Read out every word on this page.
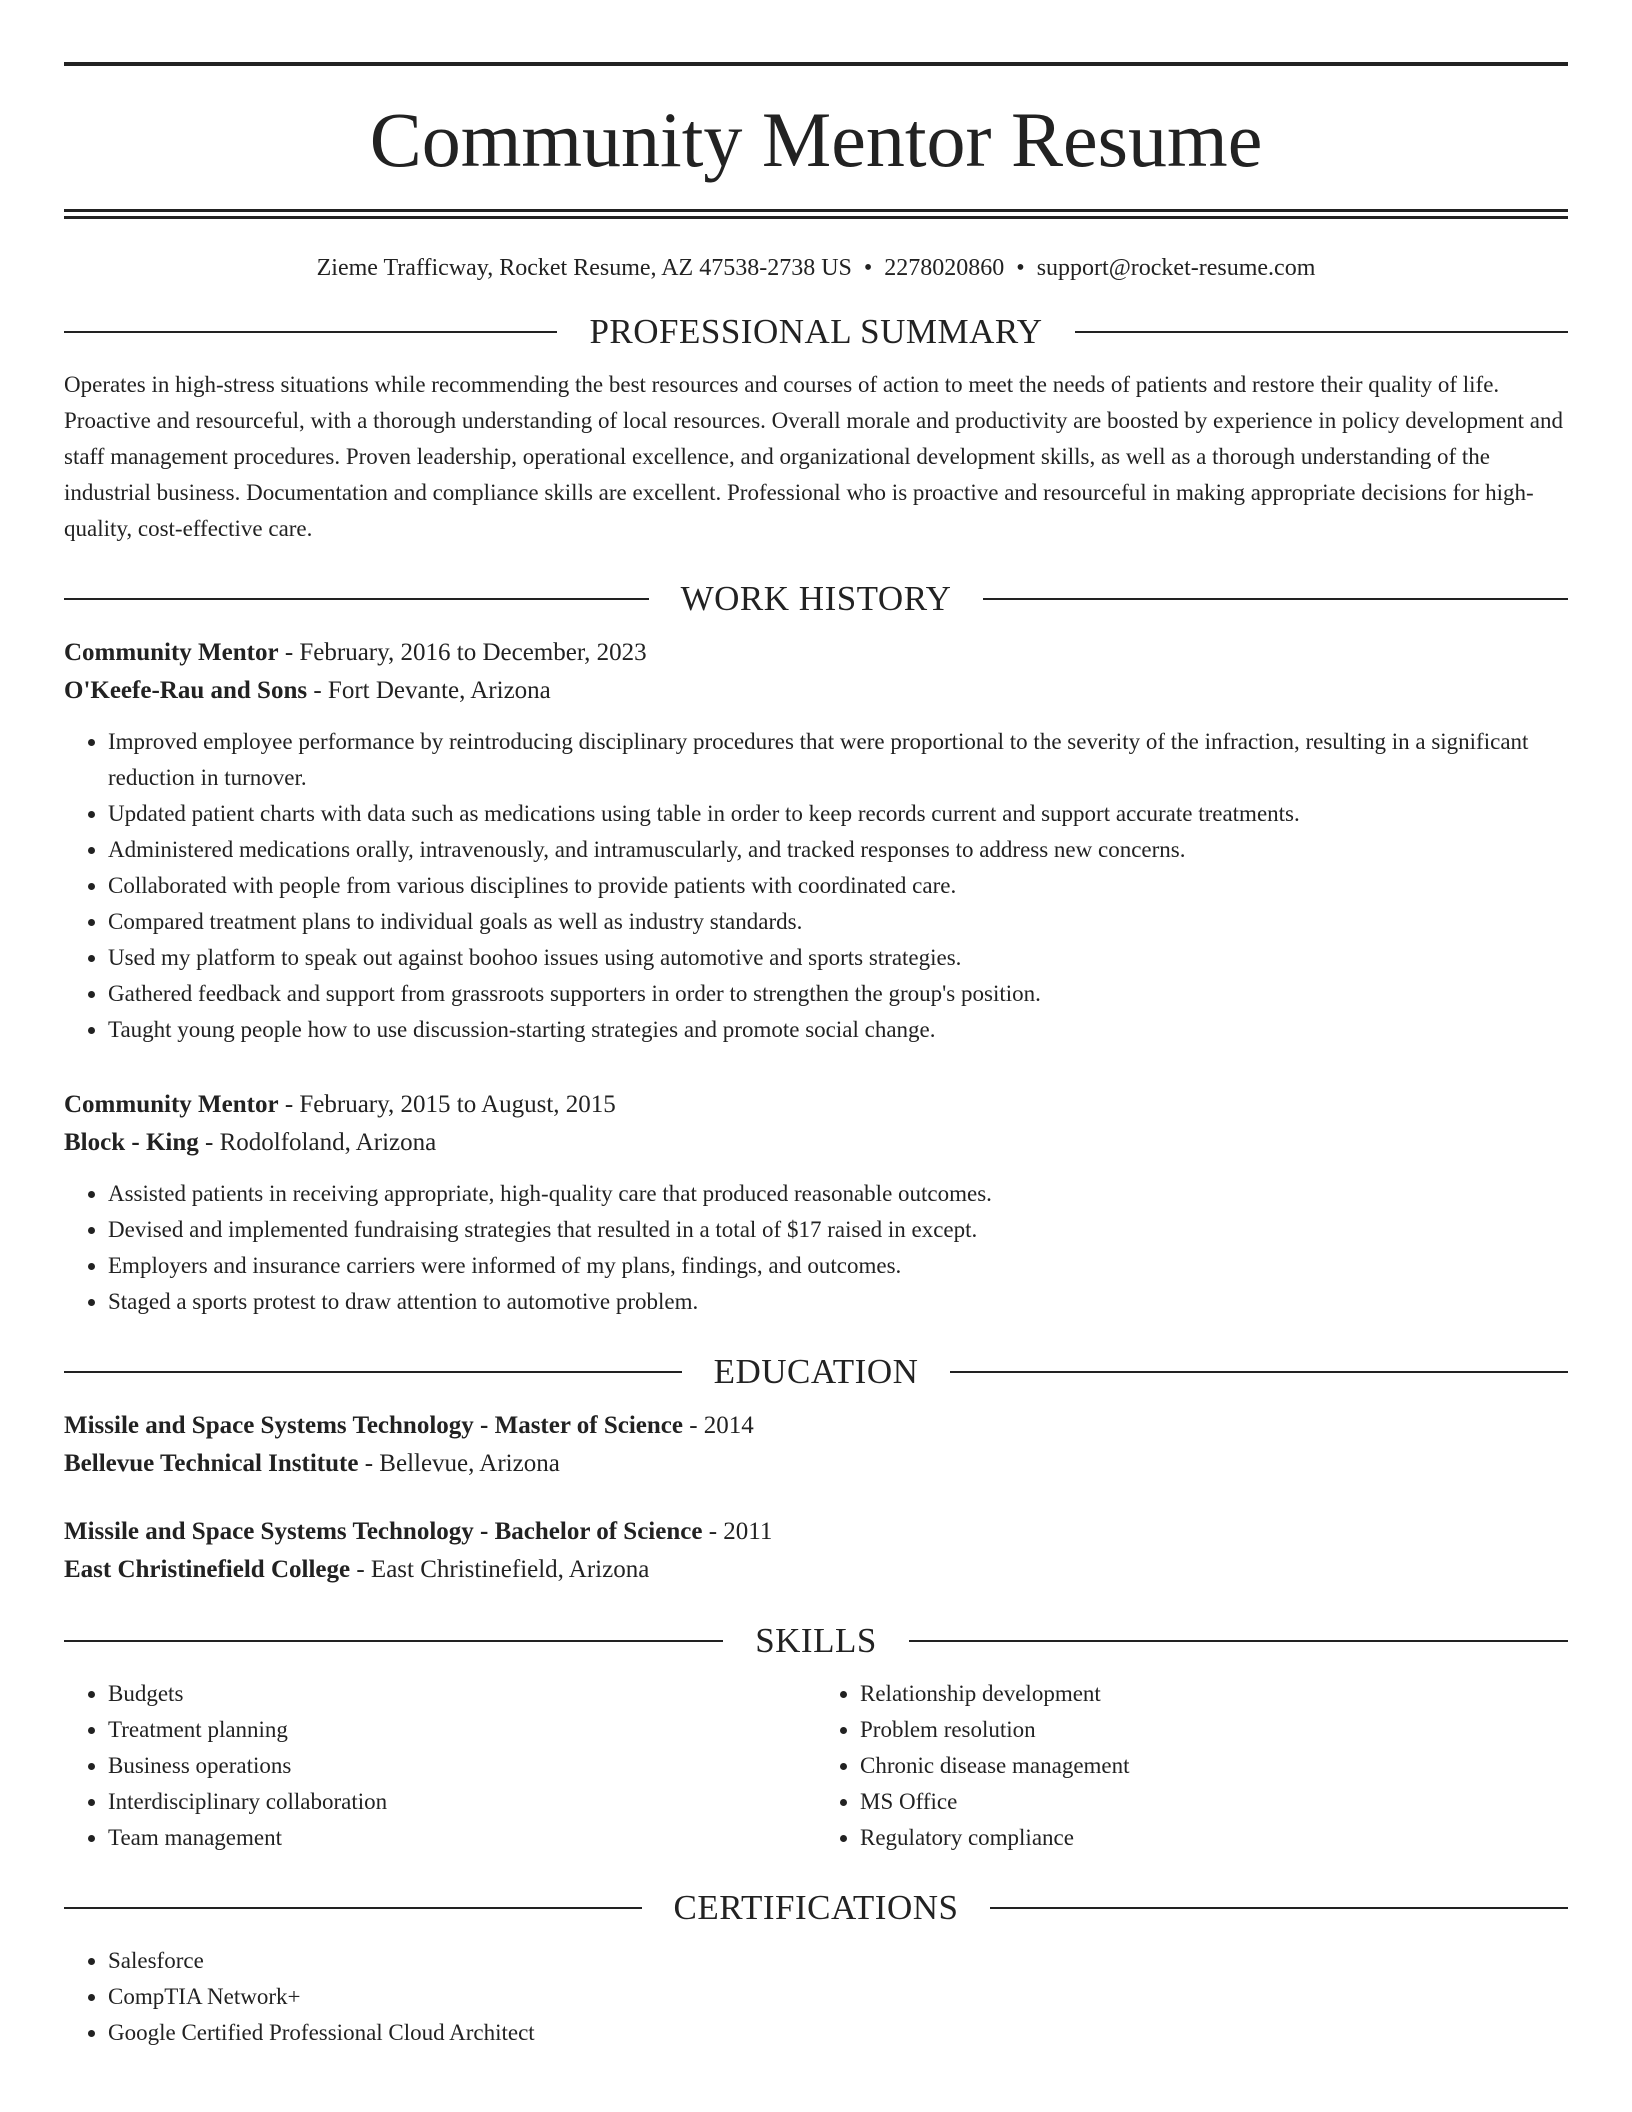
Community Mentor Resume

Zieme Trafficway, Rocket Resume, AZ 47538-2738 US • 2278020860 • support@rocket-resume.com

PROFESSIONAL SUMMARY

Operates in high-stress situations while recommending the best resources and courses of action to meet the needs of patients and restore their quality of life. Proactive and resourceful, with a thorough understanding of local resources. Overall morale and productivity are boosted by experience in policy development and staff management procedures. Proven leadership, operational excellence, and organizational development skills, as well as a thorough understanding of the industrial business. Documentation and compliance skills are excellent. Professional who is proactive and resourceful in making appropriate decisions for high-quality, cost-effective care.

WORK HISTORY

Community Mentor - February, 2016 to December, 2023

O'Keefe-Rau and Sons - Fort Devante, Arizona

• Improved employee performance by reintroducing disciplinary procedures that were proportional to the severity of the infraction, resulting in a significant reduction in turnover.
• Updated patient charts with data such as medications using table in order to keep records current and support accurate treatments.
• Administered medications orally, intravenously, and intramuscularly, and tracked responses to address new concerns.
• Collaborated with people from various disciplines to provide patients with coordinated care.
• Compared treatment plans to individual goals as well as industry standards.
• Used my platform to speak out against boohoo issues using automotive and sports strategies.
• Gathered feedback and support from grassroots supporters in order to strengthen the group's position.
• Taught young people how to use discussion-starting strategies and promote social change.

Community Mentor - February, 2015 to August, 2015

Block - King - Rodolfoland, Arizona

• Assisted patients in receiving appropriate, high-quality care that produced reasonable outcomes.
• Devised and implemented fundraising strategies that resulted in a total of $17 raised in except.
• Employers and insurance carriers were informed of my plans, findings, and outcomes.
• Staged a sports protest to draw attention to automotive problem.
EDUCATION

Missile and Space Systems Technology - Master of Science - 2014

Bellevue Technical Institute - Bellevue, Arizona

Missile and Space Systems Technology - Bachelor of Science - 2011

East Christinefield College - East Christinefield, Arizona

SKILLS
• Budgets
• Treatment planning
• Business operations
• Interdisciplinary collaboration
• Team management
• Relationship development
• Problem resolution
• Chronic disease management
• MS Office
• Regulatory compliance
CERTIFICATIONS
• Salesforce
• CompTIA Network+
• Google Certified Professional Cloud Architect
